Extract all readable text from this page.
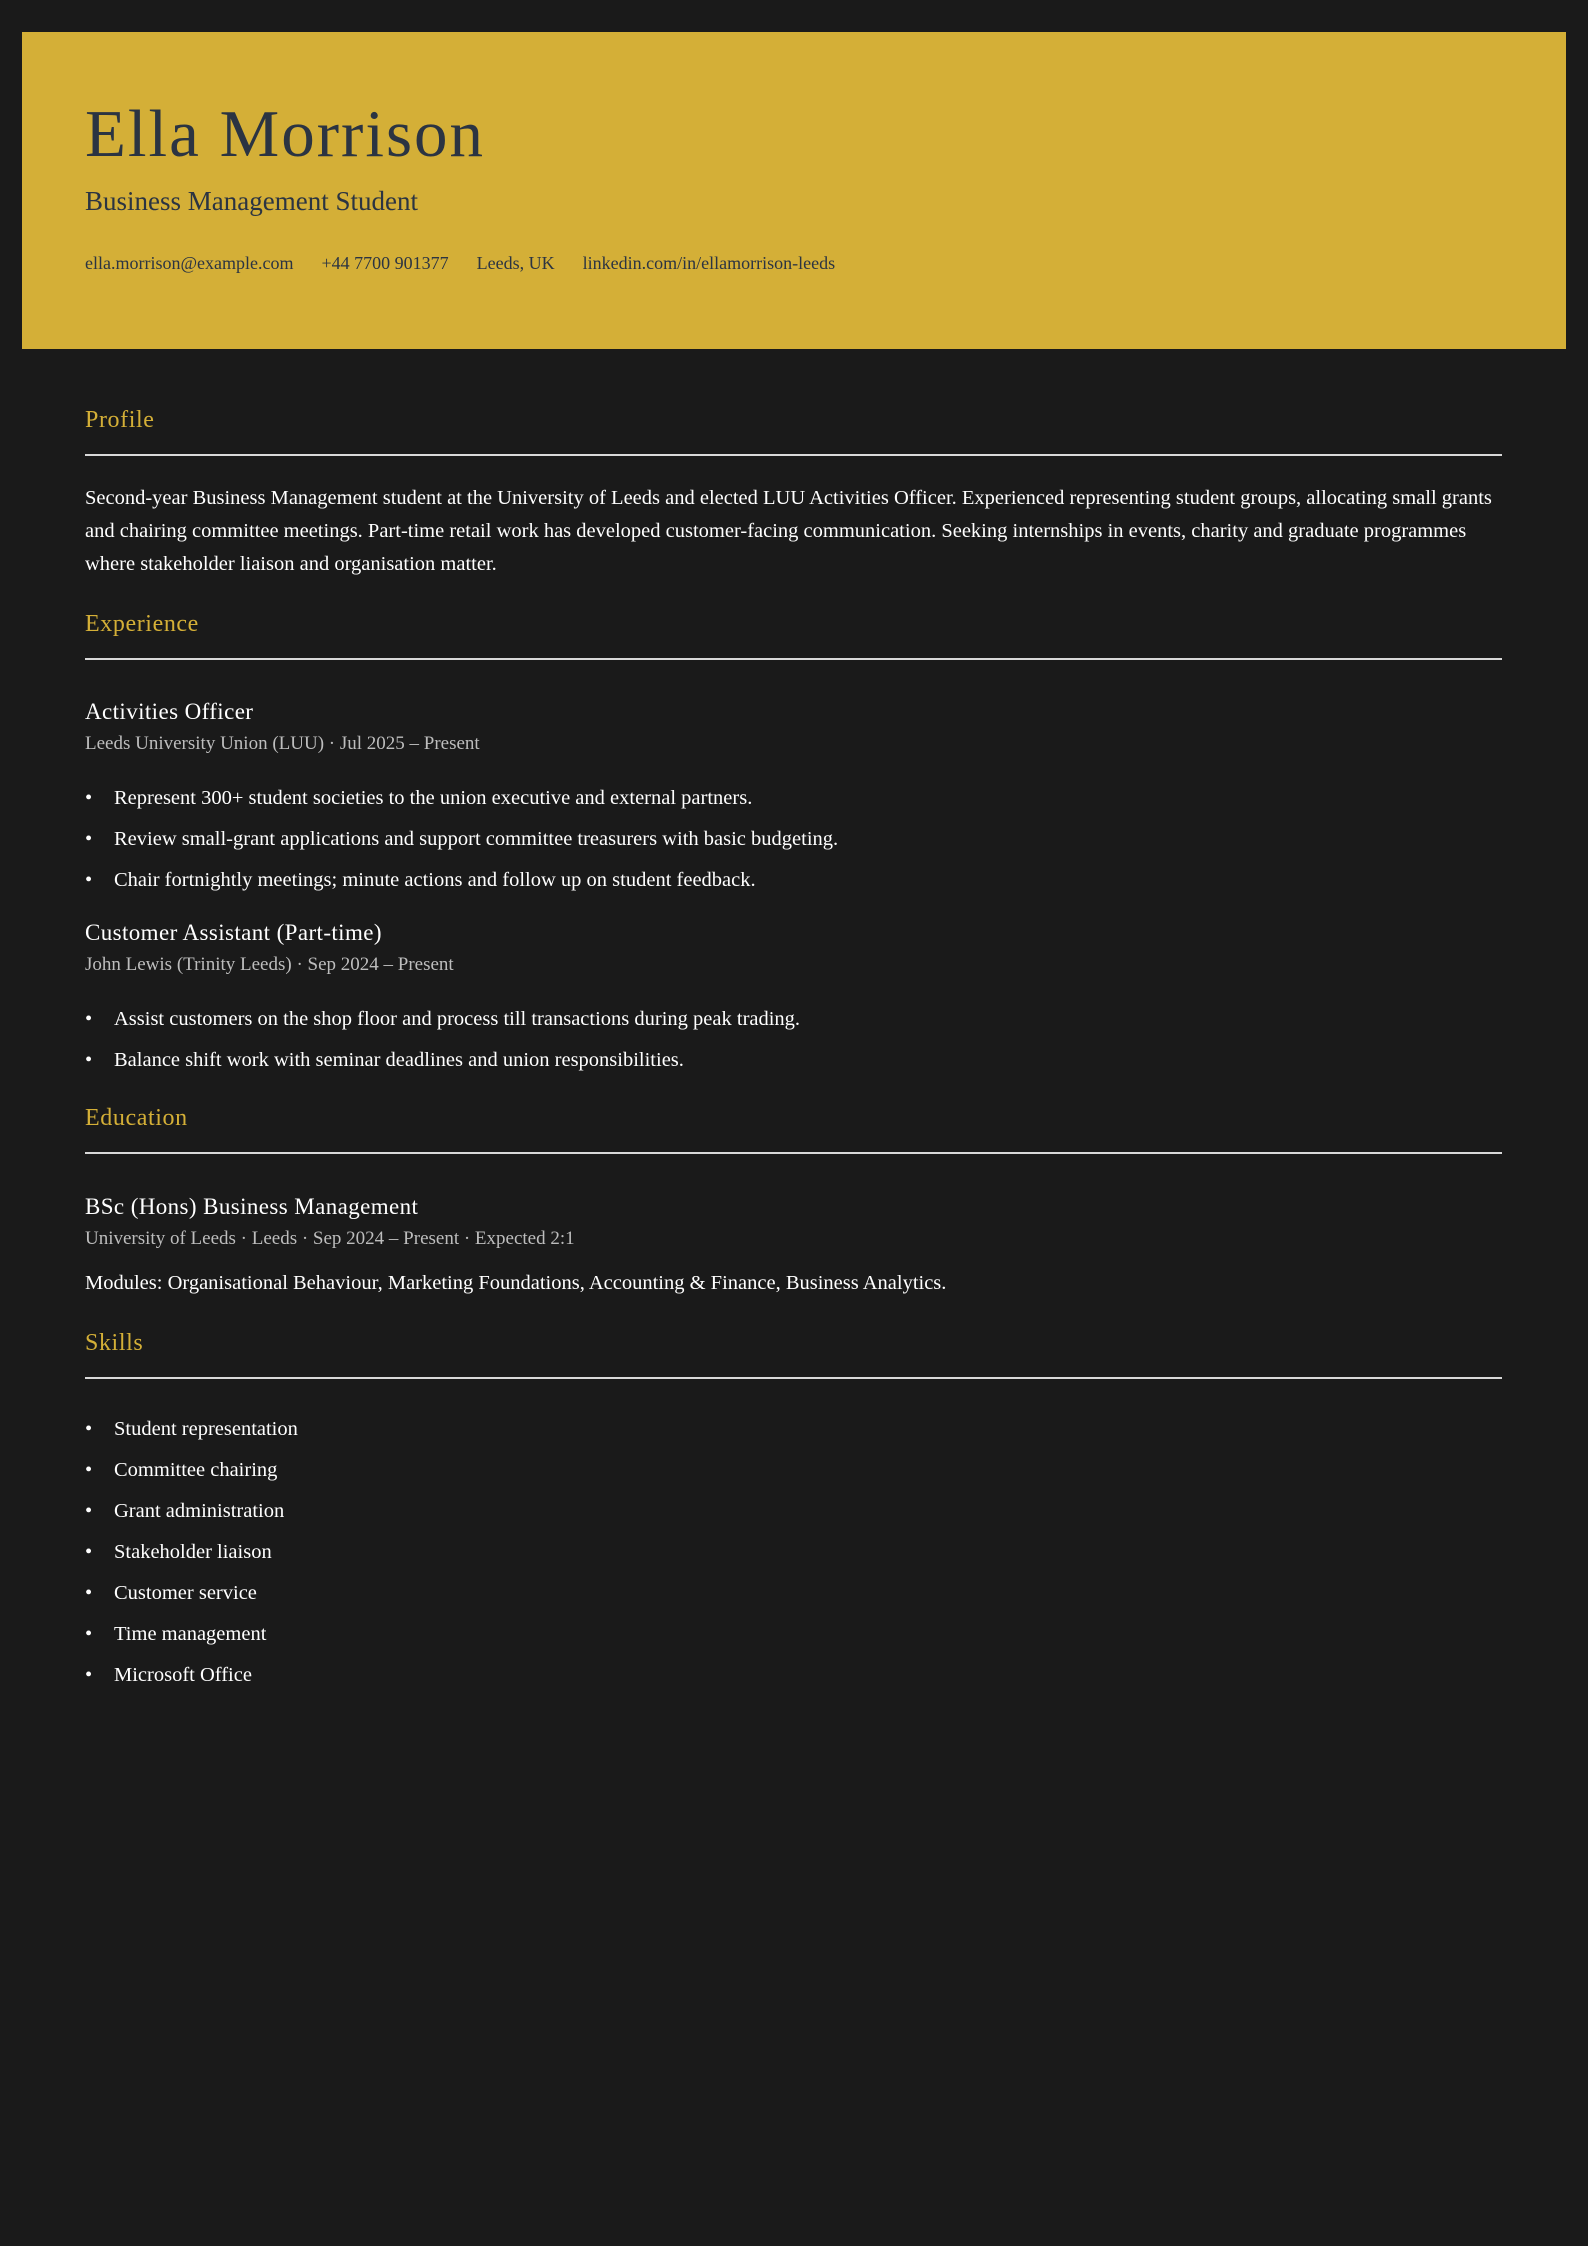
Ella Morrison
Business Management Student
ella.morrison@example.com +44 7700 901377 Leeds, UK linkedin.com/in/ellamorrison-leeds
Profile

Second-year Business Management student at the University of Leeds and elected LUU Activities Officer. Experienced representing student groups, allocating small grants and chairing committee meetings. Part-time retail work has developed customer-facing communication. Seeking internships in events, charity and graduate programmes where stakeholder liaison and organisation matter.

Experience
Activities Officer
Leeds University Union (LUU) · Jul 2025 – Present
• Represent 300+ student societies to the union executive and external partners.
• Review small-grant applications and support committee treasurers with basic budgeting.
• Chair fortnightly meetings; minute actions and follow up on student feedback.
Customer Assistant (Part-time)
John Lewis (Trinity Leeds) · Sep 2024 – Present
• Assist customers on the shop floor and process till transactions during peak trading.
• Balance shift work with seminar deadlines and union responsibilities.
Education
BSc (Hons) Business Management
University of Leeds · Leeds · Sep 2024 – Present · Expected 2:1

Modules: Organisational Behaviour, Marketing Foundations, Accounting & Finance, Business Analytics.

Skills
• Student representation
• Committee chairing
• Grant administration
• Stakeholder liaison
• Customer service
• Time management
• Microsoft Office
